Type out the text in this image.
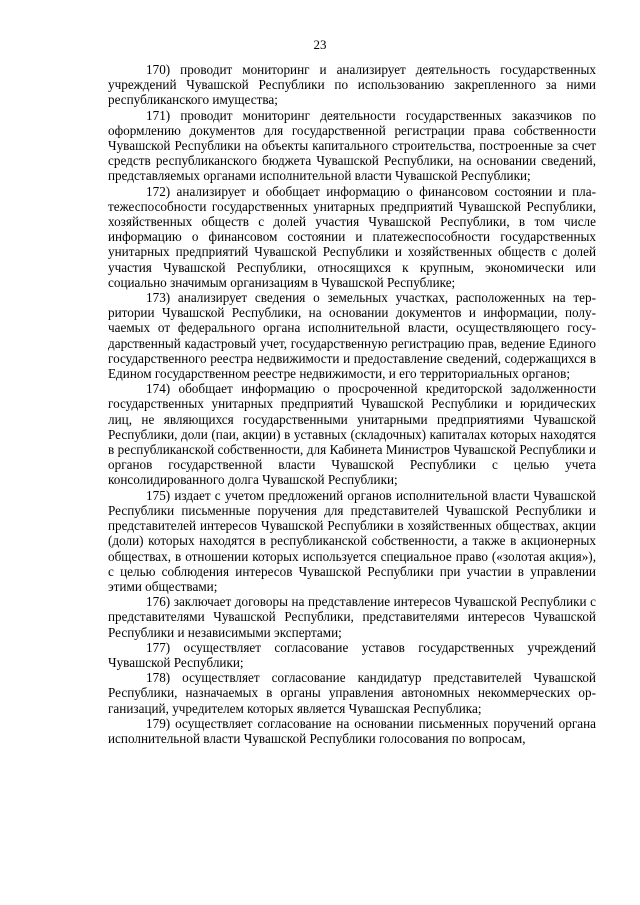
23

170) проводит мониторинг и анализирует деятельность государственных учреждений Чувашской Республики по использованию закрепленного за ними республиканского имущества;

171) проводит мониторинг деятельности государственных заказчиков по оформлению документов для государственной регистрации права собственности Чувашской Республики на объекты капитального строительства, построенные за счет средств республиканского бюджета Чувашской Республики, на основании сведений, представляемых органами исполнительной власти Чувашской Республики;

172) анализирует и обобщает информацию о финансовом состоянии и платежеспособности государственных унитарных предприятий Чувашской Республики, хозяйственных обществ с долей участия Чувашской Республики, в том числе информацию о финансовом состоянии и платежеспособности государственных унитарных предприятий Чувашской Республики и хозяйственных обществ с долей участия Чувашской Республики, относящихся к крупным, экономически или социально значимым организациям в Чувашской Республике;

173) анализирует сведения о земельных участках, расположенных на территории Чувашской Республики, на основании документов и информации, получаемых от федерального органа исполнительной власти, осуществляющего государственный кадастровый учет, государственную регистрацию прав, ведение Единого государственного реестра недвижимости и предоставление сведений, содержащихся в Едином государственном реестре недвижимости, и его территориальных органов;

174) обобщает информацию о просроченной кредиторской задолженности государственных унитарных предприятий Чувашской Республики и юридических лиц, не являющихся государственными унитарными предприятиями Чувашской Республики, доли (паи, акции) в уставных (складочных) капиталах которых находятся в республиканской собственности, для Кабинета Министров Чувашской Республики и органов государственной власти Чувашской Республики с целью учета консолидированного долга Чувашской Республики;

175) издает с учетом предложений органов исполнительной власти Чувашской Республики письменные поручения для представителей Чувашской Республики и представителей интересов Чувашской Республики в хозяйственных обществах, акции (доли) которых находятся в республиканской собственности, а также в акционерных обществах, в отношении которых используется специальное право («золотая акция»), с целью соблюдения интересов Чувашской Республики при участии в управлении этими обществами;

176) заключает договоры на представление интересов Чувашской Республики с представителями Чувашской Республики, представителями интересов Чувашской Республики и независимыми экспертами;

177) осуществляет согласование уставов государственных учреждений Чувашской Республики;

178) осуществляет согласование кандидатур представителей Чувашской Республики, назначаемых в органы управления автономных некоммерческих организаций, учредителем которых является Чувашская Республика;

179) осуществляет согласование на основании письменных поручений органа исполнительной власти Чувашской Республики голосования по вопросам,
